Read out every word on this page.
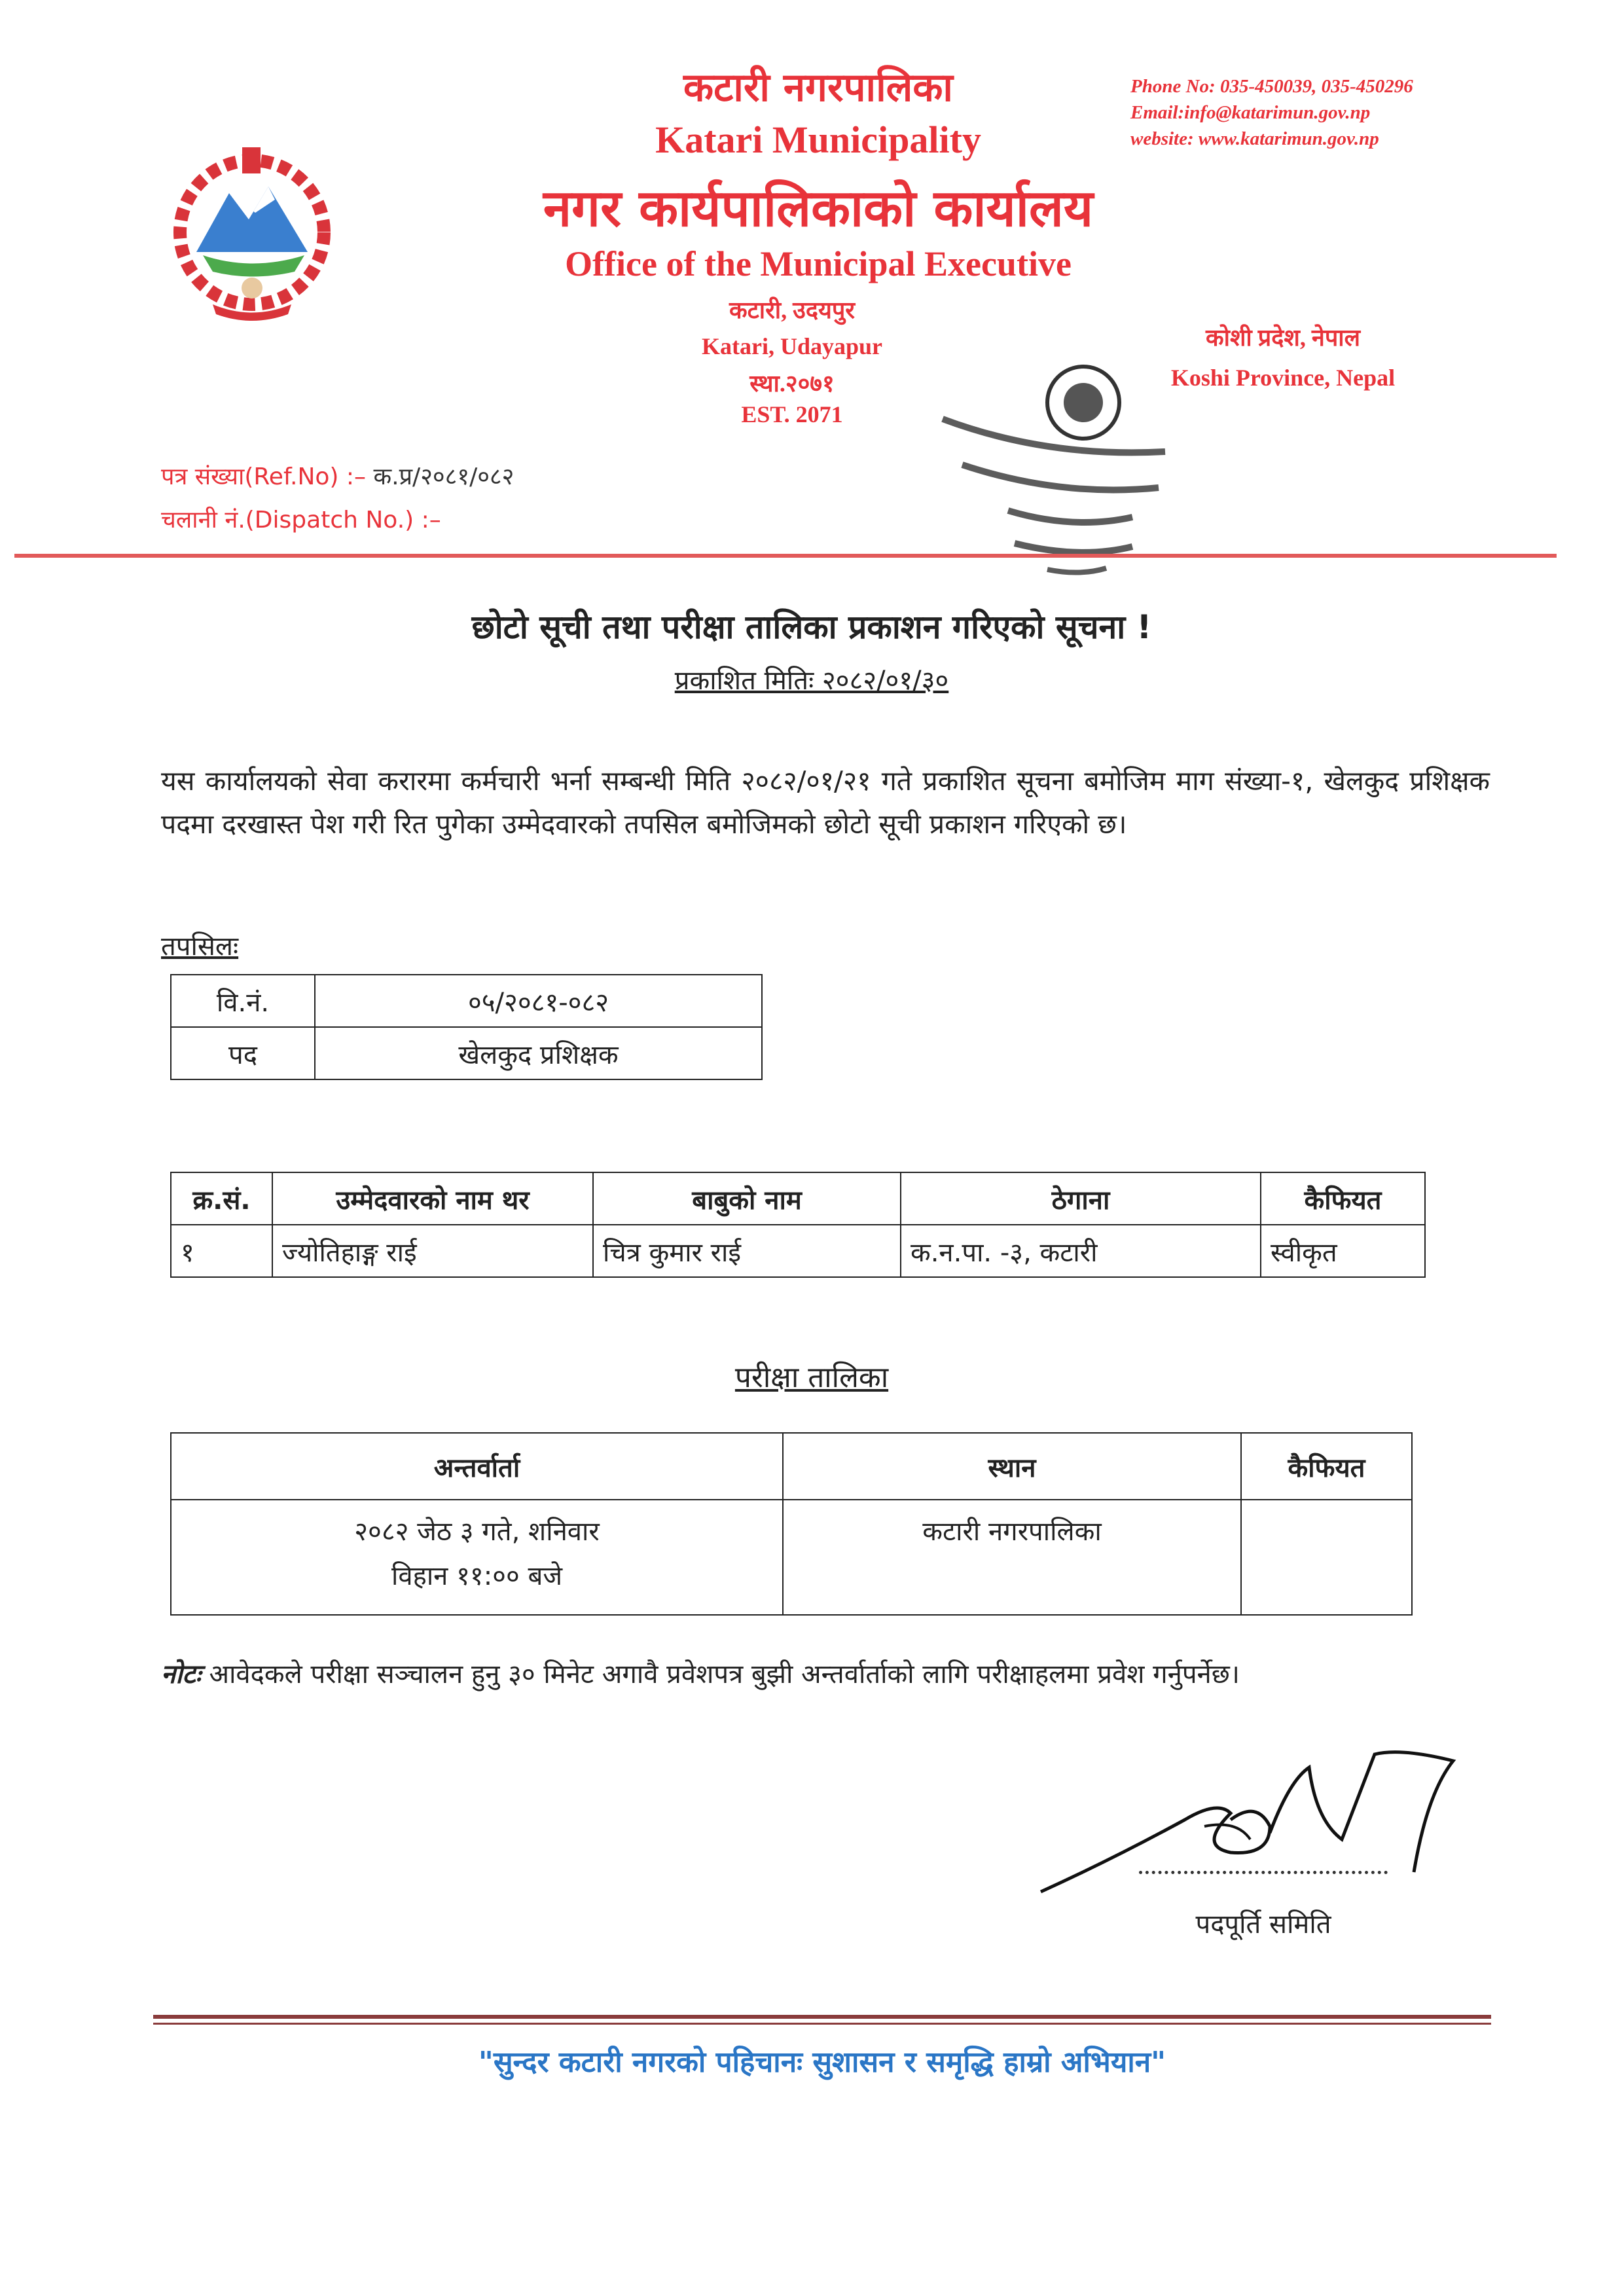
कटारी नगरपालिका
Katari Municipality
नगर कार्यपालिकाको कार्यालय
Office of the Municipal Executive
कटारी, उदयपुर
Katari, Udayapur
स्था.२०७१
EST. 2071
Phone No: 035-450039, 035-450296
Email:info@katarimun.gov.np
website: www.katarimun.gov.np
कोशी प्रदेश, नेपाल
Koshi Province, Nepal
पत्र संख्या(Ref.No) :– क.प्र/२०८१/०८२
चलानी नं.(Dispatch No.) :–
छोटो सूची तथा परीक्षा तालिका प्रकाशन गरिएको सूचना !
प्रकाशित मितिः २०८२/०१/३०
यस कार्यालयको सेवा करारमा कर्मचारी भर्ना सम्बन्धी मिति २०८२/०१/२१ गते प्रकाशित सूचना बमोजिम माग संख्या-१, खेलकुद प्रशिक्षक पदमा दरखास्त पेश गरी रित पुगेका उम्मेदवारको तपसिल बमोजिमको छोटो सूची प्रकाशन गरिएको छ।
तपसिलः
वि.नं.	०५/२०८१-०८२
पद	खेलकुद प्रशिक्षक
क्र.सं.	उम्मेदवारको नाम थर	बाबुको नाम	ठेगाना	कैफियत
१	ज्योतिहाङ्ग राई	चित्र कुमार राई	क.न.पा. -३, कटारी	स्वीकृत
परीक्षा तालिका
अन्तर्वार्ता	स्थान	कैफियत

२०८२ जेठ ३ गते, शनिवार
विहान ११:०० बजे	कटारी नगरपालिका	
नोटः आवेदकले परीक्षा सञ्चालन हुनु ३० मिनेट अगावै प्रवेशपत्र बुझी अन्तर्वार्ताको लागि परीक्षाहलमा प्रवेश गर्नुपर्नेछ।
पदपूर्ति समिति
"सुन्दर कटारी नगरको पहिचानः सुशासन र समृद्धि हाम्रो अभियान"
